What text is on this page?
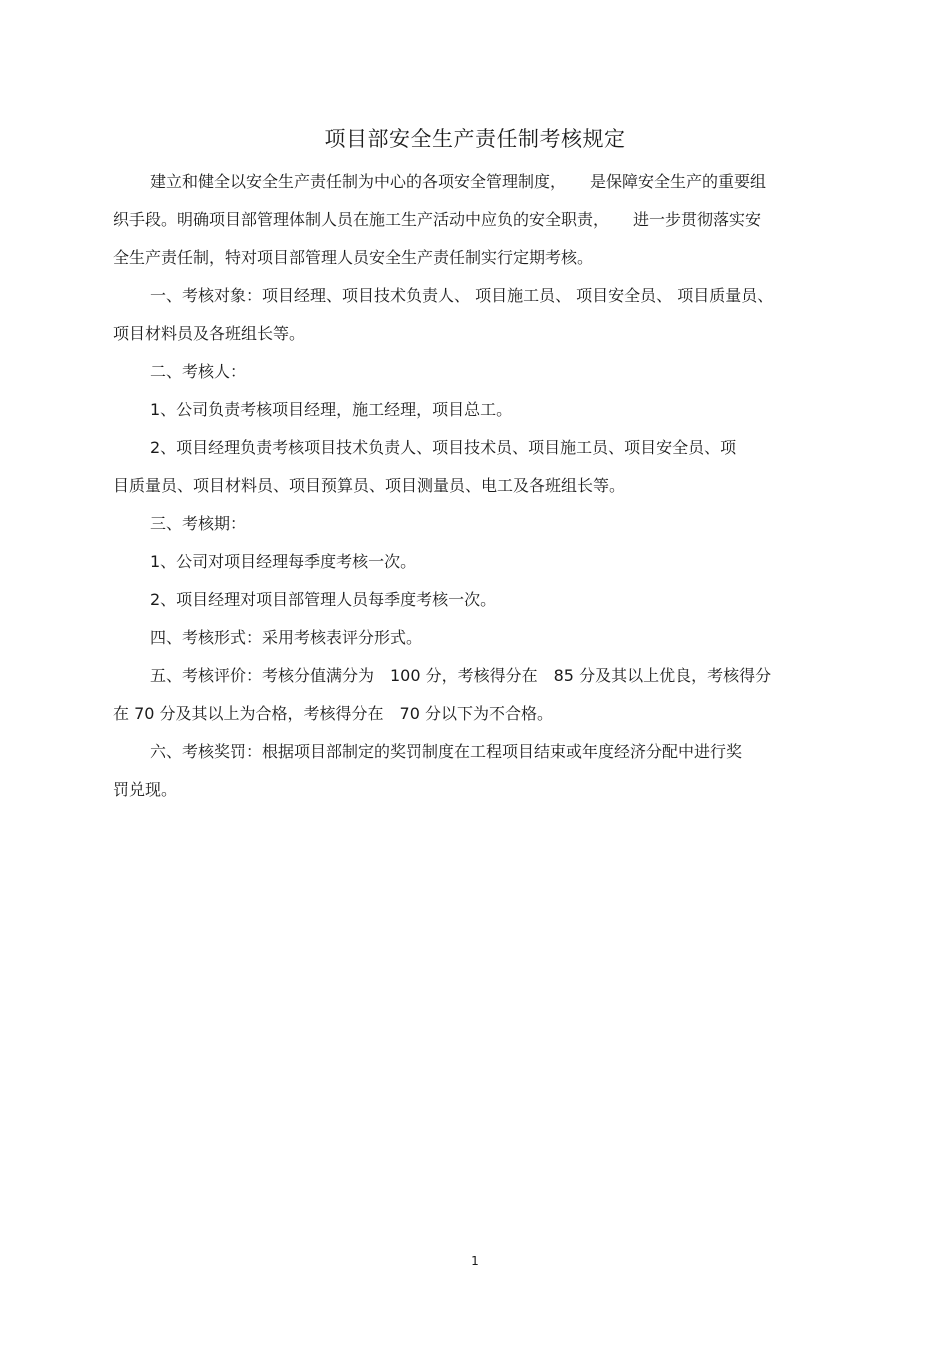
项目部安全生产责任制考核规定
建立和健全以安全生产责任制为中心的各项安全管理制度，　　是保障安全生产的重要组
织手段。明确项目部管理体制人员在施工生产活动中应负的安全职责，　　进一步贯彻落实安
全生产责任制，特对项目部管理人员安全生产责任制实行定期考核。
一、考核对象：项目经理、项目技术负责人、 项目施工员、 项目安全员、 项目质量员、
项目材料员及各班组长等。
二、考核人：
1、公司负责考核项目经理，施工经理，项目总工。
2、项目经理负责考核项目技术负责人、项目技术员、项目施工员、项目安全员、项
目质量员、项目材料员、项目预算员、项目测量员、电工及各班组长等。
三、考核期：
1、公司对项目经理每季度考核一次。
2、项目经理对项目部管理人员每季度考核一次。
四、考核形式：采用考核表评分形式。
五、考核评价：考核分值满分为　100 分，考核得分在　85 分及其以上优良，考核得分
在 70 分及其以上为合格，考核得分在　70 分以下为不合格。
六、考核奖罚：根据项目部制定的奖罚制度在工程项目结束或年度经济分配中进行奖
罚兑现。
1
